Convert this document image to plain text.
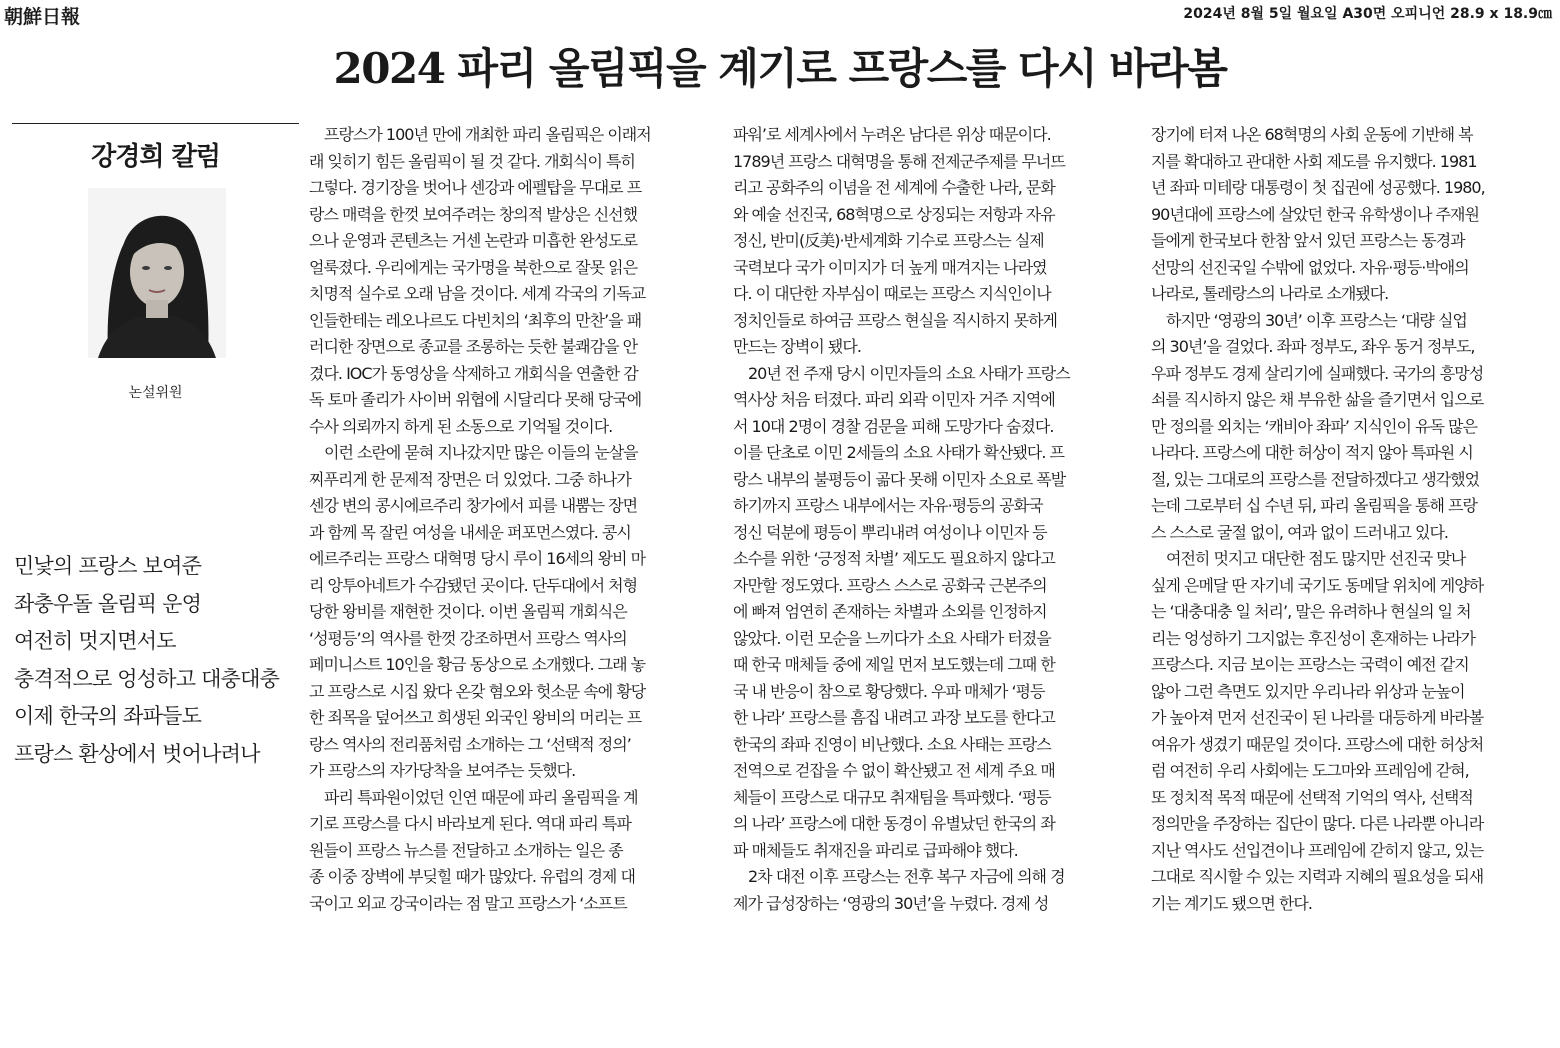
朝鮮日報	2024년 8월 5일 월요일 A30면 오피니언 28.9 x 18.9㎝
2024 파리 올림픽을 계기로 프랑스를 다시 바라봄
강경희 칼럼
논설위원
민낯의 프랑스 보여준
좌충우돌 올림픽 운영
여전히 멋지면서도
충격적으로 엉성하고 대충대충
이제 한국의 좌파들도
프랑스 환상에서 벗어나려나
　프랑스가 100년 만에 개최한 파리 올림픽은 이래저
래 잊히기 힘든 올림픽이 될 것 같다. 개회식이 특히
그렇다. 경기장을 벗어나 센강과 에펠탑을 무대로 프
랑스 매력을 한껏 보여주려는 창의적 발상은 신선했
으나 운영과 콘텐츠는 거센 논란과 미흡한 완성도로
얼룩졌다. 우리에게는 국가명을 북한으로 잘못 읽은
치명적 실수로 오래 남을 것이다. 세계 각국의 기독교
인들한테는 레오나르도 다빈치의 ‘최후의 만찬’을 패
러디한 장면으로 종교를 조롱하는 듯한 불쾌감을 안
겼다. IOC가 동영상을 삭제하고 개회식을 연출한 감
독 토마 졸리가 사이버 위협에 시달리다 못해 당국에
수사 의뢰까지 하게 된 소동으로 기억될 것이다.
　이런 소란에 묻혀 지나갔지만 많은 이들의 눈살을
찌푸리게 한 문제적 장면은 더 있었다. 그중 하나가
센강 변의 콩시에르주리 창가에서 피를 내뿜는 장면
과 함께 목 잘린 여성을 내세운 퍼포먼스였다. 콩시
에르주리는 프랑스 대혁명 당시 루이 16세의 왕비 마
리 앙투아네트가 수감됐던 곳이다. 단두대에서 처형
당한 왕비를 재현한 것이다. 이번 올림픽 개회식은
‘성평등’의 역사를 한껏 강조하면서 프랑스 역사의
페미니스트 10인을 황금 동상으로 소개했다. 그래 놓
고 프랑스로 시집 왔다 온갖 혐오와 헛소문 속에 황당
한 죄목을 덮어쓰고 희생된 외국인 왕비의 머리는 프
랑스 역사의 전리품처럼 소개하는 그 ‘선택적 정의’
가 프랑스의 자가당착을 보여주는 듯했다.
　파리 특파원이었던 인연 때문에 파리 올림픽을 계
기로 프랑스를 다시 바라보게 된다. 역대 파리 특파
원들이 프랑스 뉴스를 전달하고 소개하는 일은 종
종 이중 장벽에 부딪힐 때가 많았다. 유럽의 경제 대
국이고 외교 강국이라는 점 말고 프랑스가 ‘소프트
파워’로 세계사에서 누려온 남다른 위상 때문이다.
1789년 프랑스 대혁명을 통해 전제군주제를 무너뜨
리고 공화주의 이념을 전 세계에 수출한 나라, 문화
와 예술 선진국, 68혁명으로 상징되는 저항과 자유
정신, 반미(反美)·반세계화 기수로 프랑스는 실제
국력보다 국가 이미지가 더 높게 매겨지는 나라였
다. 이 대단한 자부심이 때로는 프랑스 지식인이나
정치인들로 하여금 프랑스 현실을 직시하지 못하게
만드는 장벽이 됐다.
　20년 전 주재 당시 이민자들의 소요 사태가 프랑스
역사상 처음 터졌다. 파리 외곽 이민자 거주 지역에
서 10대 2명이 경찰 검문을 피해 도망가다 숨졌다.
이를 단초로 이민 2세들의 소요 사태가 확산됐다. 프
랑스 내부의 불평등이 곪다 못해 이민자 소요로 폭발
하기까지 프랑스 내부에서는 자유·평등의 공화국
정신 덕분에 평등이 뿌리내려 여성이나 이민자 등
소수를 위한 ‘긍정적 차별’ 제도도 필요하지 않다고
자만할 정도였다. 프랑스 스스로 공화국 근본주의
에 빠져 엄연히 존재하는 차별과 소외를 인정하지
않았다. 이런 모순을 느끼다가 소요 사태가 터졌을
때 한국 매체들 중에 제일 먼저 보도했는데 그때 한
국 내 반응이 참으로 황당했다. 우파 매체가 ‘평등
한 나라’ 프랑스를 흠집 내려고 과장 보도를 한다고
한국의 좌파 진영이 비난했다. 소요 사태는 프랑스
전역으로 걷잡을 수 없이 확산됐고 전 세계 주요 매
체들이 프랑스로 대규모 취재팀을 특파했다. ‘평등
의 나라’ 프랑스에 대한 동경이 유별났던 한국의 좌
파 매체들도 취재진을 파리로 급파해야 했다.
　2차 대전 이후 프랑스는 전후 복구 자금에 의해 경
제가 급성장하는 ‘영광의 30년’을 누렸다. 경제 성
장기에 터져 나온 68혁명의 사회 운동에 기반해 복
지를 확대하고 관대한 사회 제도를 유지했다. 1981
년 좌파 미테랑 대통령이 첫 집권에 성공했다. 1980,
90년대에 프랑스에 살았던 한국 유학생이나 주재원
들에게 한국보다 한참 앞서 있던 프랑스는 동경과
선망의 선진국일 수밖에 없었다. 자유·평등·박애의
나라로, 톨레랑스의 나라로 소개됐다.
　하지만 ‘영광의 30년’ 이후 프랑스는 ‘대량 실업
의 30년’을 걸었다. 좌파 정부도, 좌우 동거 정부도,
우파 정부도 경제 살리기에 실패했다. 국가의 흥망성
쇠를 직시하지 않은 채 부유한 삶을 즐기면서 입으로
만 정의를 외치는 ‘캐비아 좌파’ 지식인이 유독 많은
나라다. 프랑스에 대한 허상이 적지 않아 특파원 시
절, 있는 그대로의 프랑스를 전달하겠다고 생각했었
는데 그로부터 십 수년 뒤, 파리 올림픽을 통해 프랑
스 스스로 굴절 없이, 여과 없이 드러내고 있다.
　여전히 멋지고 대단한 점도 많지만 선진국 맞나
싶게 은메달 딴 자기네 국기도 동메달 위치에 게양하
는 ‘대충대충 일 처리’, 말은 유려하나 현실의 일 처
리는 엉성하기 그지없는 후진성이 혼재하는 나라가
프랑스다. 지금 보이는 프랑스는 국력이 예전 같지
않아 그런 측면도 있지만 우리나라 위상과 눈높이
가 높아져 먼저 선진국이 된 나라를 대등하게 바라볼
여유가 생겼기 때문일 것이다. 프랑스에 대한 허상처
럼 여전히 우리 사회에는 도그마와 프레임에 갇혀,
또 정치적 목적 때문에 선택적 기억의 역사, 선택적
정의만을 주장하는 집단이 많다. 다른 나라뿐 아니라
지난 역사도 선입견이나 프레임에 갇히지 않고, 있는
그대로 직시할 수 있는 지력과 지혜의 필요성을 되새
기는 계기도 됐으면 한다.
